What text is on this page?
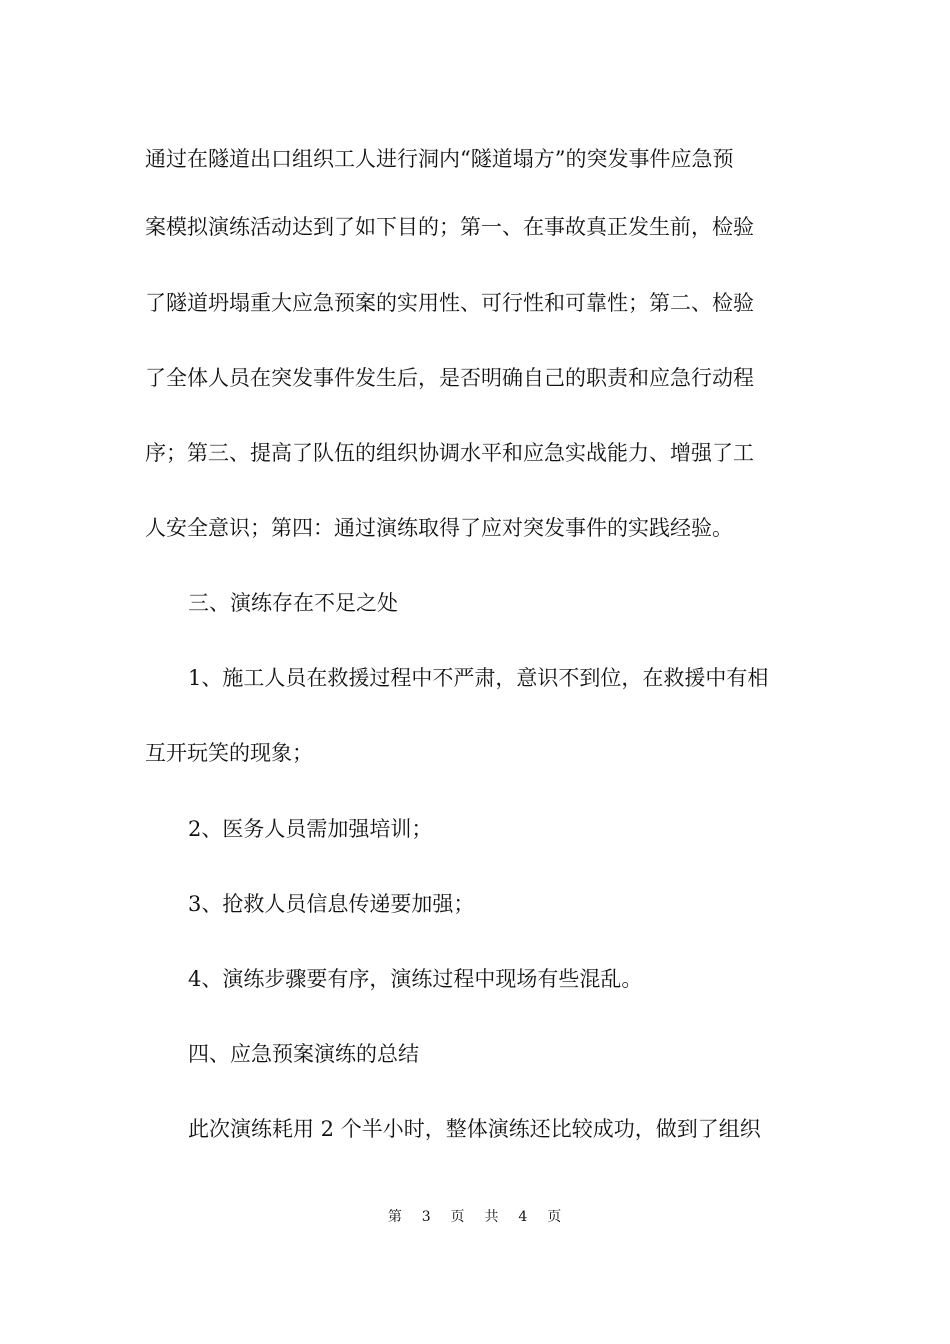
通过在隧道出口组织工人进行洞内“隧道塌方”的突发事件应急预
案模拟演练活动达到了如下目的；第一、在事故真正发生前，检验
了隧道坍塌重大应急预案的实用性、可行性和可靠性；第二、检验
了全体人员在突发事件发生后，是否明确自己的职责和应急行动程
序；第三、提高了队伍的组织协调水平和应急实战能力、增强了工
人安全意识；第四：通过演练取得了应对突发事件的实践经验。
三、演练存在不足之处
1、施工人员在救援过程中不严肃，意识不到位，在救援中有相
互开玩笑的现象；
2、医务人员需加强培训；
3、抢救人员信息传递要加强；
4、演练步骤要有序，演练过程中现场有些混乱。
四、应急预案演练的总结
此次演练耗用 2 个半小时，整体演练还比较成功，做到了组织
第 3 页 共 4 页
